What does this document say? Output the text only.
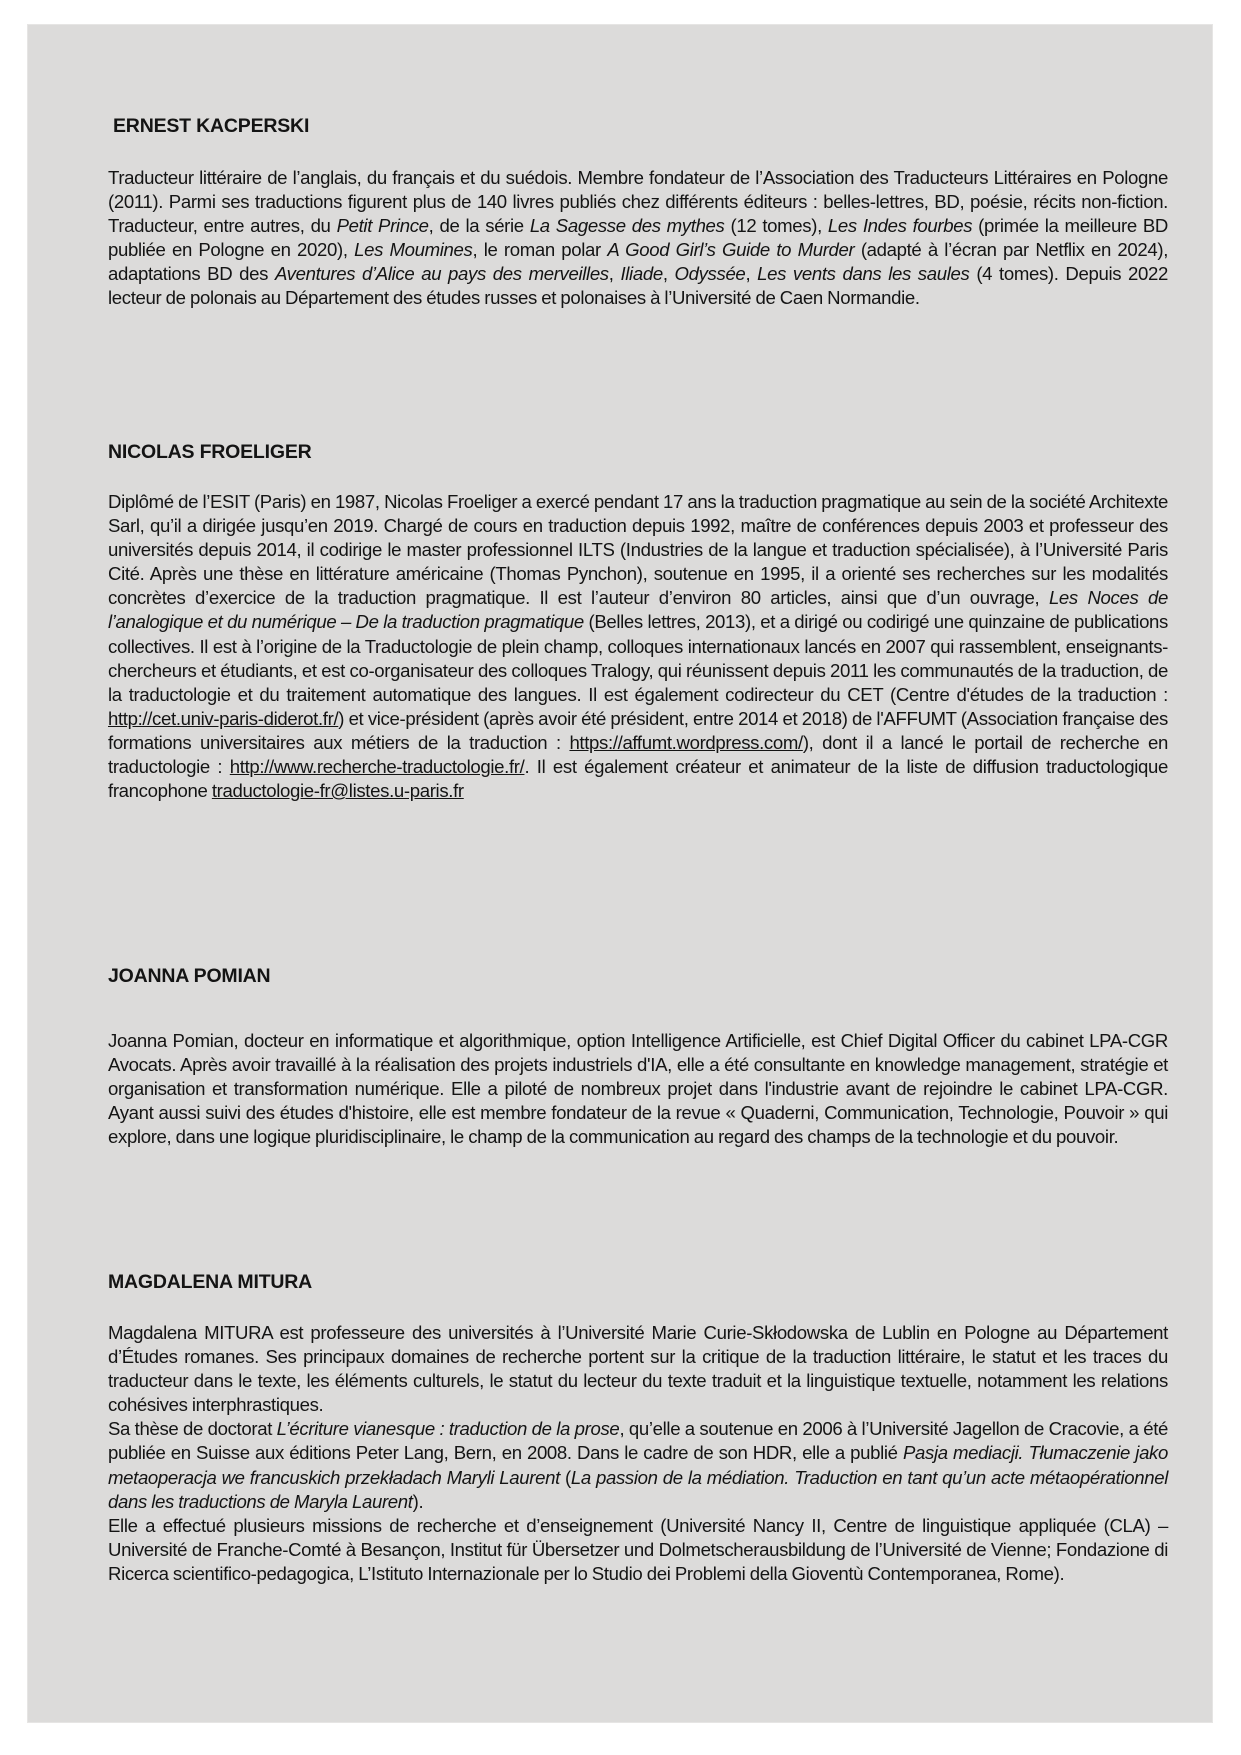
ERNEST KACPERSKI

Traducteur littéraire de l’anglais, du français et du suédois. Membre fondateur de l’Association des Traducteurs Littéraires en Pologne (2011). Parmi ses traductions figurent plus de 140 livres publiés chez différents éditeurs : belles-lettres, BD, poésie, récits non-fiction. Traducteur, entre autres, du Petit Prince, de la série La Sagesse des mythes (12 tomes), Les Indes fourbes (primée la meilleure BD publiée en Pologne en 2020), Les Moumines, le roman polar A Good Girl’s Guide to Murder (adapté à l’écran par Netflix en 2024), adaptations BD des Aventures d’Alice au pays des merveilles, Iliade, Odyssée, Les vents dans les saules (4 tomes). Depuis 2022 lecteur de polonais au Département des études russes et polonaises à l’Université de Caen Normandie.

NICOLAS FROELIGER

Diplômé de l’ESIT (Paris) en 1987, Nicolas Froeliger a exercé pendant 17 ans la traduction pragmatique au sein de la société Architexte Sarl, qu’il a dirigée jusqu’en 2019. Chargé de cours en traduction depuis 1992, maître de conférences depuis 2003 et professeur des universités depuis 2014, il codirige le master professionnel ILTS (Industries de la langue et traduction spécialisée), à l’Université Paris Cité. Après une thèse en littérature américaine (Thomas Pynchon), soutenue en 1995, il a orienté ses recherches sur les modalités concrètes d’exercice de la traduction pragmatique. Il est l’auteur d’environ 80 articles, ainsi que d’un ouvrage, Les Noces de l’analogique et du numérique – De la traduction pragmatique (Belles lettres, 2013), et a dirigé ou codirigé une quinzaine de publications collectives. Il est à l’origine de la Traductologie de plein champ, colloques internationaux lancés en 2007 qui rassemblent, enseignants-chercheurs et étudiants, et est co-organisateur des colloques Tralogy, qui réunissent depuis 2011 les communautés de la traduction, de la traductologie et du traitement automatique des langues. Il est également codirecteur du CET (Centre d'études de la traduction : http://cet.univ-paris-diderot.fr/) et vice-président (après avoir été président, entre 2014 et 2018) de l'AFFUMT (Association française des formations universitaires aux métiers de la traduction : https://affumt.wordpress.com/), dont il a lancé le portail de recherche en traductologie : http://www.recherche-traductologie.fr/. Il est également créateur et animateur de la liste de diffusion traductologique francophone traductologie-fr@listes.u-paris.fr

JOANNA POMIAN

Joanna Pomian, docteur en informatique et algorithmique, option Intelligence Artificielle, est Chief Digital Officer du cabinet LPA-CGR Avocats. Après avoir travaillé à la réalisation des projets industriels d'IA, elle a été consultante en knowledge management, stratégie et organisation et transformation numérique. Elle a piloté de nombreux projet dans l'industrie avant de rejoindre le cabinet LPA-CGR. Ayant aussi suivi des études d'histoire, elle est membre fondateur de la revue « Quaderni, Communication, Technologie, Pouvoir » qui explore, dans une logique pluridisciplinaire, le champ de la communication au regard des champs de la technologie et du pouvoir.

MAGDALENA MITURA

Magdalena MITURA est professeure des universités à l’Université Marie Curie-Skłodowska de Lublin en Pologne au Département d’Études romanes. Ses principaux domaines de recherche portent sur la critique de la traduction littéraire, le statut et les traces du traducteur dans le texte, les éléments culturels, le statut du lecteur du texte traduit et la linguistique textuelle, notamment les relations cohésives interphrastiques.

Sa thèse de doctorat L’écriture vianesque : traduction de la prose, qu’elle a soutenue en 2006 à l’Université Jagellon de Cracovie, a été publiée en Suisse aux éditions Peter Lang, Bern, en 2008. Dans le cadre de son HDR, elle a publié Pasja mediacji. Tłumaczenie jako metaoperacja we francuskich przekładach Maryli Laurent (La passion de la médiation. Traduction en tant qu’un acte métaopérationnel dans les traductions de Maryla Laurent).

Elle a effectué plusieurs missions de recherche et d’enseignement (Université Nancy II, Centre de linguistique appliquée (CLA) – Université de Franche-Comté à Besançon, Institut für Übersetzer und Dolmetscherausbildung de l’Université de Vienne; Fondazione di Ricerca scientifico-pedagogica, L’Istituto Internazionale per lo Studio dei Problemi della Gioventù Contemporanea, Rome).
